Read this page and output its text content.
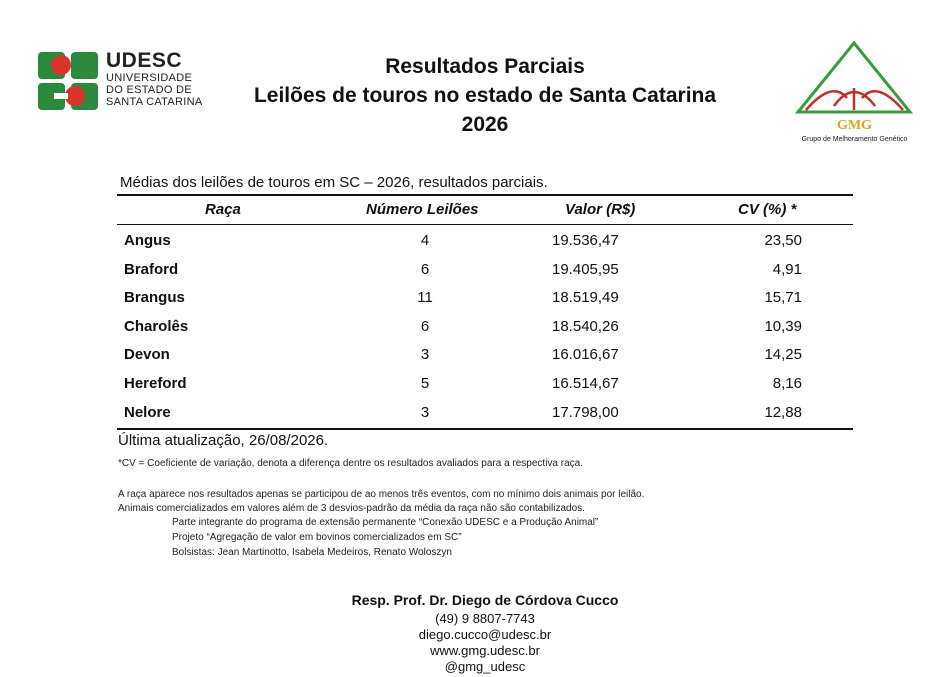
UDESC
UNIVERSIDADE
DO ESTADO DE
SANTA CATARINA
Resultados Parciais
Leilões de touros no estado de Santa Catarina
2026	GMG
Grupo de Melhoramento Genético
Médias dos leilões de touros em SC – 2026, resultados parciais.
Raça	Número Leilões	Valor (R$)	CV (%) *
Angus	4	19.536,47	23,50
Braford	6	19.405,95	4,91
Brangus	11	18.519,49	15,71
Charolês	6	18.540,26	10,39
Devon	3	16.016,67	14,25
Hereford	5	16.514,67	8,16
Nelore	3	17.798,00	12,88
Última atualização, 26/08/2026.
*CV = Coeficiente de variação, denota a diferença dentre os resultados avaliados para a respectiva raça.
A raça aparece nos resultados apenas se participou de ao menos três eventos, com no mínimo dois animais por leilão.
Animais comercializados em valores além de 3 desvios-padrão da média da raça não são contabilizados.
Parte integrante do programa de extensão permanente “Conexão UDESC e a Produção Animal”
Projeto “Agregação de valor em bovinos comercializados em SC”
Bolsistas: Jean Martinotto, Isabela Medeiros, Renato Woloszyn
Resp. Prof. Dr. Diego de Córdova Cucco
(49) 9 8807-7743
diego.cucco@udesc.br
www.gmg.udesc.br
@gmg_udesc
